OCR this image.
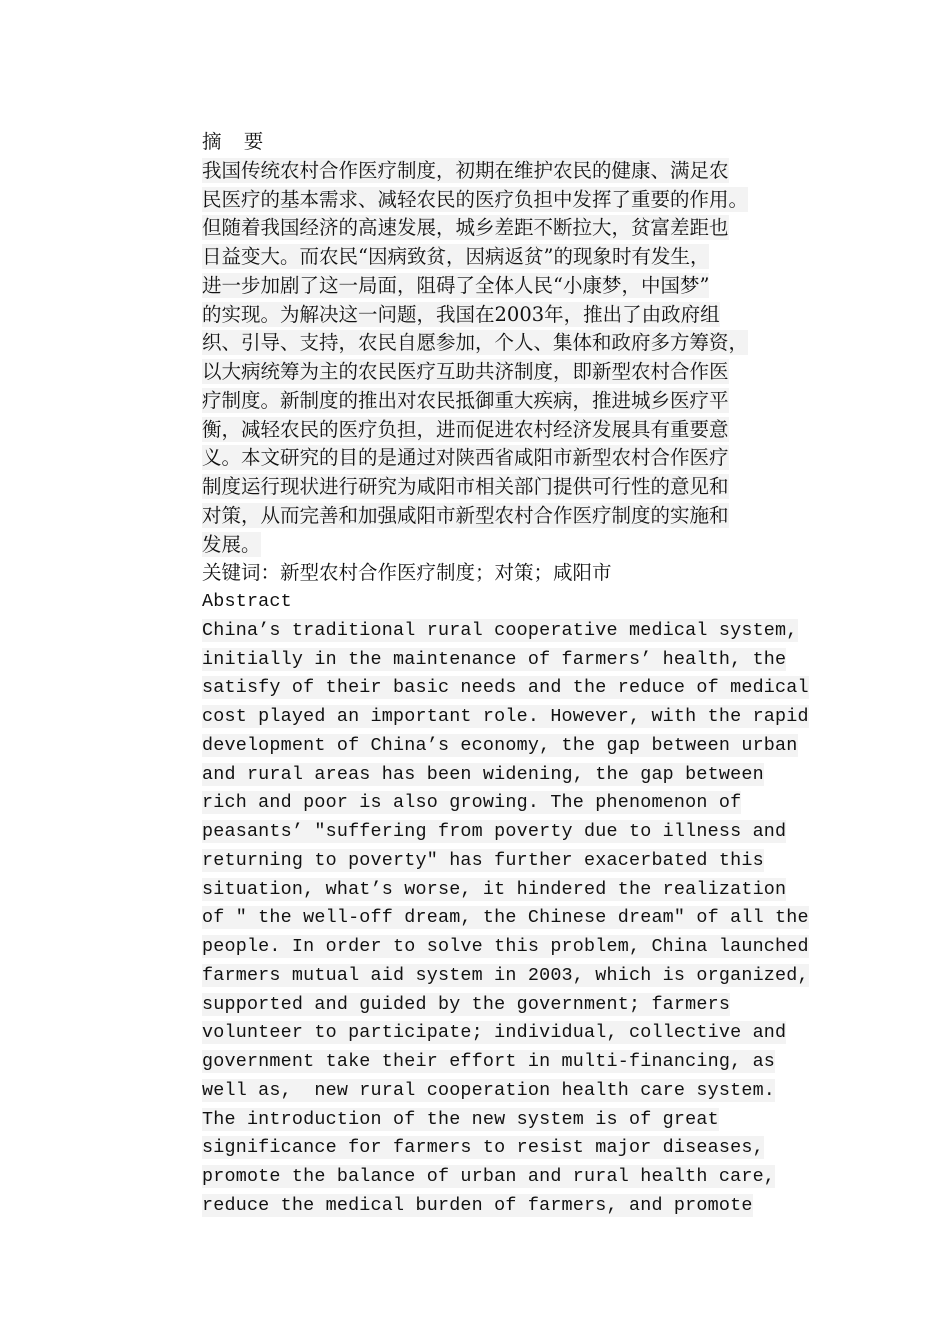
摘 要
我国传统农村合作医疗制度，初期在维护农民的健康、满足农
民医疗的基本需求、减轻农民的医疗负担中发挥了重要的作用。
但随着我国经济的高速发展，城乡差距不断拉大，贫富差距也
日益变大。而农民“因病致贫，因病返贫”的现象时有发生，
进一步加剧了这一局面，阻碍了全体人民“小康梦，中国梦”
的实现。为解决这一问题，我国在2003年，推出了由政府组
织、引导、支持，农民自愿参加，个人、集体和政府多方筹资，
以大病统筹为主的农民医疗互助共济制度，即新型农村合作医
疗制度。新制度的推出对农民抵御重大疾病，推进城乡医疗平
衡，减轻农民的医疗负担，进而促进农村经济发展具有重要意
义。本文研究的目的是通过对陕西省咸阳市新型农村合作医疗
制度运行现状进行研究为咸阳市相关部门提供可行性的意见和
对策，从而完善和加强咸阳市新型农村合作医疗制度的实施和
发展。
关键词：新型农村合作医疗制度；对策；咸阳市
Abstract
China’s traditional rural cooperative medical system,
initially in the maintenance of farmers’ health, the
satisfy of their basic needs and the reduce of medical
cost played an important role. However, with the rapid
development of China’s economy, the gap between urban
and rural areas has been widening, the gap between
rich and poor is also growing. The phenomenon of
peasants’ "suffering from poverty due to illness and
returning to poverty" has further exacerbated this
situation, what’s worse, it hindered the realization
of " the well-off dream, the Chinese dream" of all the
people. In order to solve this problem, China launched
farmers mutual aid system in 2003, which is organized,
supported and guided by the government; farmers
volunteer to participate; individual, collective and
government take their effort in multi-financing, as
well as,  new rural cooperation health care system.
The introduction of the new system is of great
significance for farmers to resist major diseases,
promote the balance of urban and rural health care,
reduce the medical burden of farmers, and promote
